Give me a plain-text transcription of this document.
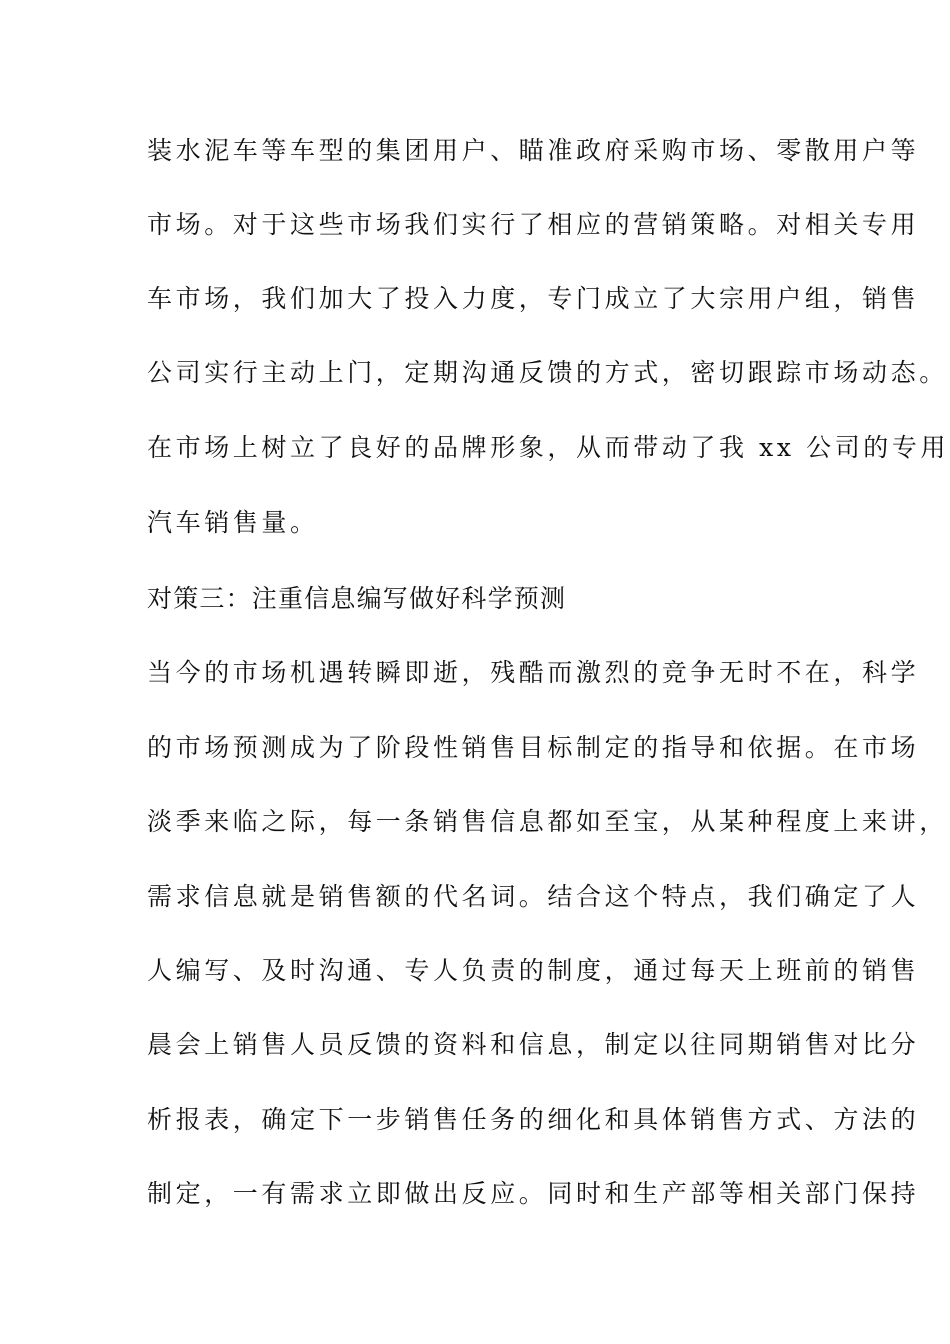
装水泥车等车型的集团用户、瞄准政府采购市场、零散用户等
市场。对于这些市场我们实行了相应的营销策略。对相关专用
车市场，我们加大了投入力度，专门成立了大宗用户组，销售
公司实行主动上门，定期沟通反馈的方式，密切跟踪市场动态。
在市场上树立了良好的品牌形象，从而带动了我 xx 公司的专用
汽车销售量。
对策三：注重信息编写做好科学预测
当今的市场机遇转瞬即逝，残酷而激烈的竞争无时不在，科学
的市场预测成为了阶段性销售目标制定的指导和依据。在市场
淡季来临之际，每一条销售信息都如至宝，从某种程度上来讲，
需求信息就是销售额的代名词。结合这个特点，我们确定了人
人编写、及时沟通、专人负责的制度，通过每天上班前的销售
晨会上销售人员反馈的资料和信息，制定以往同期销售对比分
析报表，确定下一步销售任务的细化和具体销售方式、方法的
制定，一有需求立即做出反应。同时和生产部等相关部门保持
